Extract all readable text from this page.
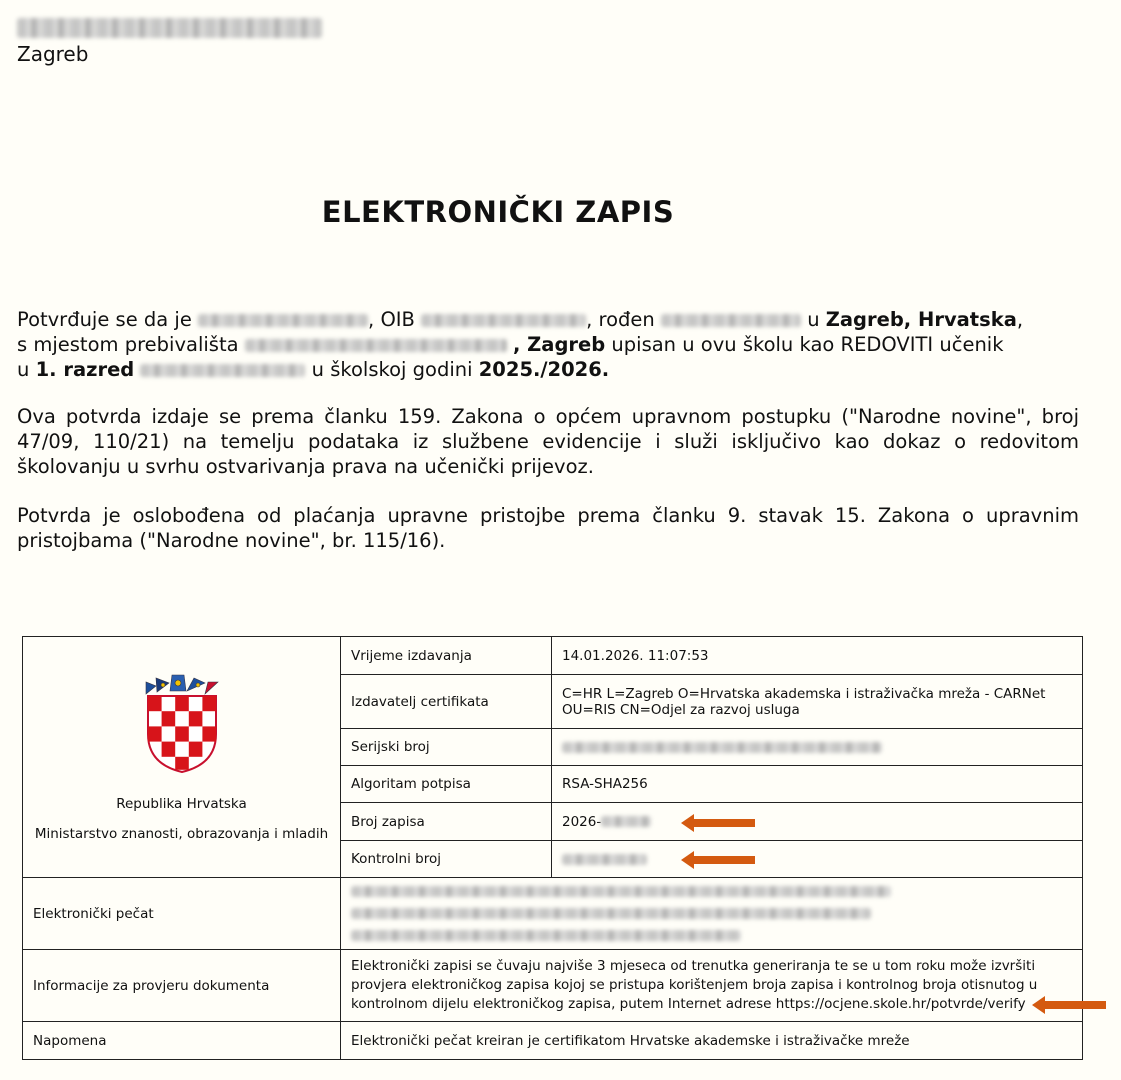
Zagreb
ELEKTRONIČKI ZAPIS
Potvrđuje se da je	, OIB	, rođen	u Zagreb, Hrvatska,
s mjestom prebivališta	, Zagreb upisan u ovu školu kao REDOVITI učenik
u 1. razred	u školskoj godini 2025./2026.
Ova potvrda izdaje se prema članku 159. Zakona o općem upravnom postupku ("Narodne novine", broj 47/09, 110/21) na temelju podataka iz službene evidencije i služi isključivo kao dokaz o redovitom školovanju u svrhu ostvarivanja prava na učenički prijevoz.
Potvrda je oslobođena od plaćanja upravne pristojbe prema članku 9. stavak 15. Zakona o upravnim pristojbama ("Narodne novine", br. 115/16).
Republika Hrvatska
Ministarstvo znanosti, obrazovanja i mladih	Vrijeme izdavanja	14.01.2026. 11:07:53
	Izdavatelj certifikata	C=HR L=Zagreb O=Hrvatska akademska i istraživačka mreža - CARNet
OU=RIS CN=Odjel za razvoj usluga

	Serijski broj	
	Algoritam potpisa	RSA-SHA256
	Broj zapisa	2026-

	Kontrolni broj	

Elektronički pečat		

Informacije za provjeru dokumenta	Elektronički zapisi se čuvaju najviše 3 mjeseca od trenutka generiranja te se u tom roku može izvršiti
provjera elektroničkog zapisa kojoj se pristupa korištenjem broja zapisa i kontrolnog broja otisnutog u
kontrolnom dijelu elektroničkog zapisa, putem Internet adrese https://ocjene.skole.hr/potvrde/verify	

Napomena	Elektronički pečat kreiran je certifikatom Hrvatske akademske i istraživačke mreže	
